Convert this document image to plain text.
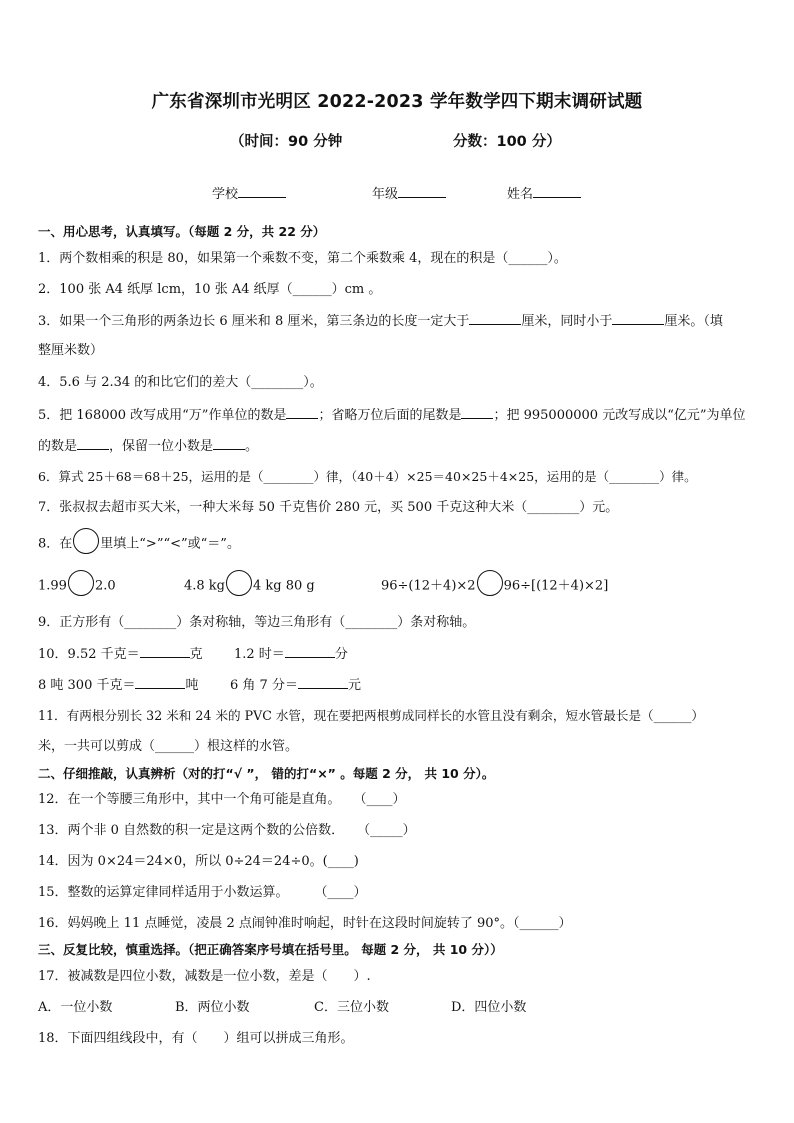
广东省深圳市光明区 2022-2023 学年数学四下期末调研试题
（时间：90 分钟	分数：100 分）
学校	年级	姓名
一、用心思考，认真填写。（每题 2 分，共 22 分）
1．两个数相乘的积是 80，如果第一个乘数不变，第二个乘数乘 4，现在的积是（______）。
2．100 张 A4 纸厚 lcm，10 张 A4 纸厚（______）cm 。
3．如果一个三角形的两条边长 6 厘米和 8 厘米，第三条边的长度一定大于	厘米，同时小于	厘米。（填
整厘米数）
4．5.6 与 2.34 的和比它们的差大（________）。
5．把 168000 改写成用“万”作单位的数是 ；省略万位后面的尾数是 ；把 995000000 元改写成以“亿元”为单位
的数是 ，保留一位小数是 。
6．算式 25＋68＝68＋25，运用的是（________）律，（40＋4）×25＝40×25＋4×25，运用的是（________）律。
7．张叔叔去超市买大米，一种大米每 50 千克售价 280 元，买 500 千克这种大米（________）元。
8．在 里填上“>”“<”或“＝”。
1.99 2.0	4.8 kg 4 kg 80 g	96÷(12＋4)×2 96÷[(12＋4)×2]
9．正方形有（________）条对称轴，等边三角形有（________）条对称轴。
10．9.52 千克＝	克 1.2 时＝	分
8 吨 300 千克＝	吨 6 角 7 分＝	元
11．有两根分别长 32 米和 24 米的 PVC 水管，现在要把两根剪成同样长的水管且没有剩余，短水管最长是（______）
米，一共可以剪成（______）根这样的水管。
二、仔细推敲，认真辨析（对的打“√ ”， 错的打“×” 。每题 2 分， 共 10 分）。
12．在一个等腰三角形中，其中一个角可能是直角。　　（____）
13．两个非 0 自然数的积一定是这两个数的公倍数．　　（_____）
14．因为 0×24＝24×0，所以 0÷24＝24÷0。(____)
15．整数的运算定律同样适用于小数运算。　　　（____）
16．妈妈晚上 11 点睡觉，凌晨 2 点闹钟准时响起，时针在这段时间旋转了 90°。（______）
三、反复比较，慎重选择。（把正确答案序号填在括号里。 每题 2 分， 共 10 分））
17．被减数是四位小数，减数是一位小数，差是（　　）.
A．一位小数	B．两位小数	C．三位小数	D．四位小数
18．下面四组线段中，有（　　）组可以拼成三角形。
